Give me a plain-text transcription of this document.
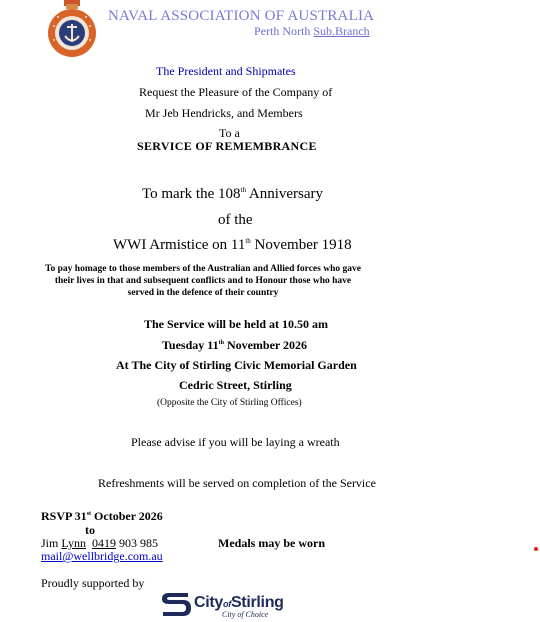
NAVAL ASSOCIATION OF AUSTRALIA
Perth North Sub.Branch
The President and Shipmates
Request the Pleasure of the Company of
Mr Jeb Hendricks, and Members
To a
SERVICE OF REMEMBRANCE
To mark the 108th Anniversary
of the
WWI Armistice on 11th November 1918
To pay homage to those members of the Australian and Allied forces who gave their lives in that and subsequent conflicts and to Honour those who have served in the defence of their country
The Service will be held at 10.50 am
Tuesday 11th November 2026
At The City of Stirling Civic Memorial Garden
Cedric Street, Stirling
(Opposite the City of Stirling Offices)
Please advise if you will be laying a wreath
Refreshments will be served on completion of the Service
RSVP 31st October 2026
to
Jim Lynn 0419 903 985	Medals may be worn
mail@wellbridge.com.au
Proudly supported by
CityofStirling
City of Choice
